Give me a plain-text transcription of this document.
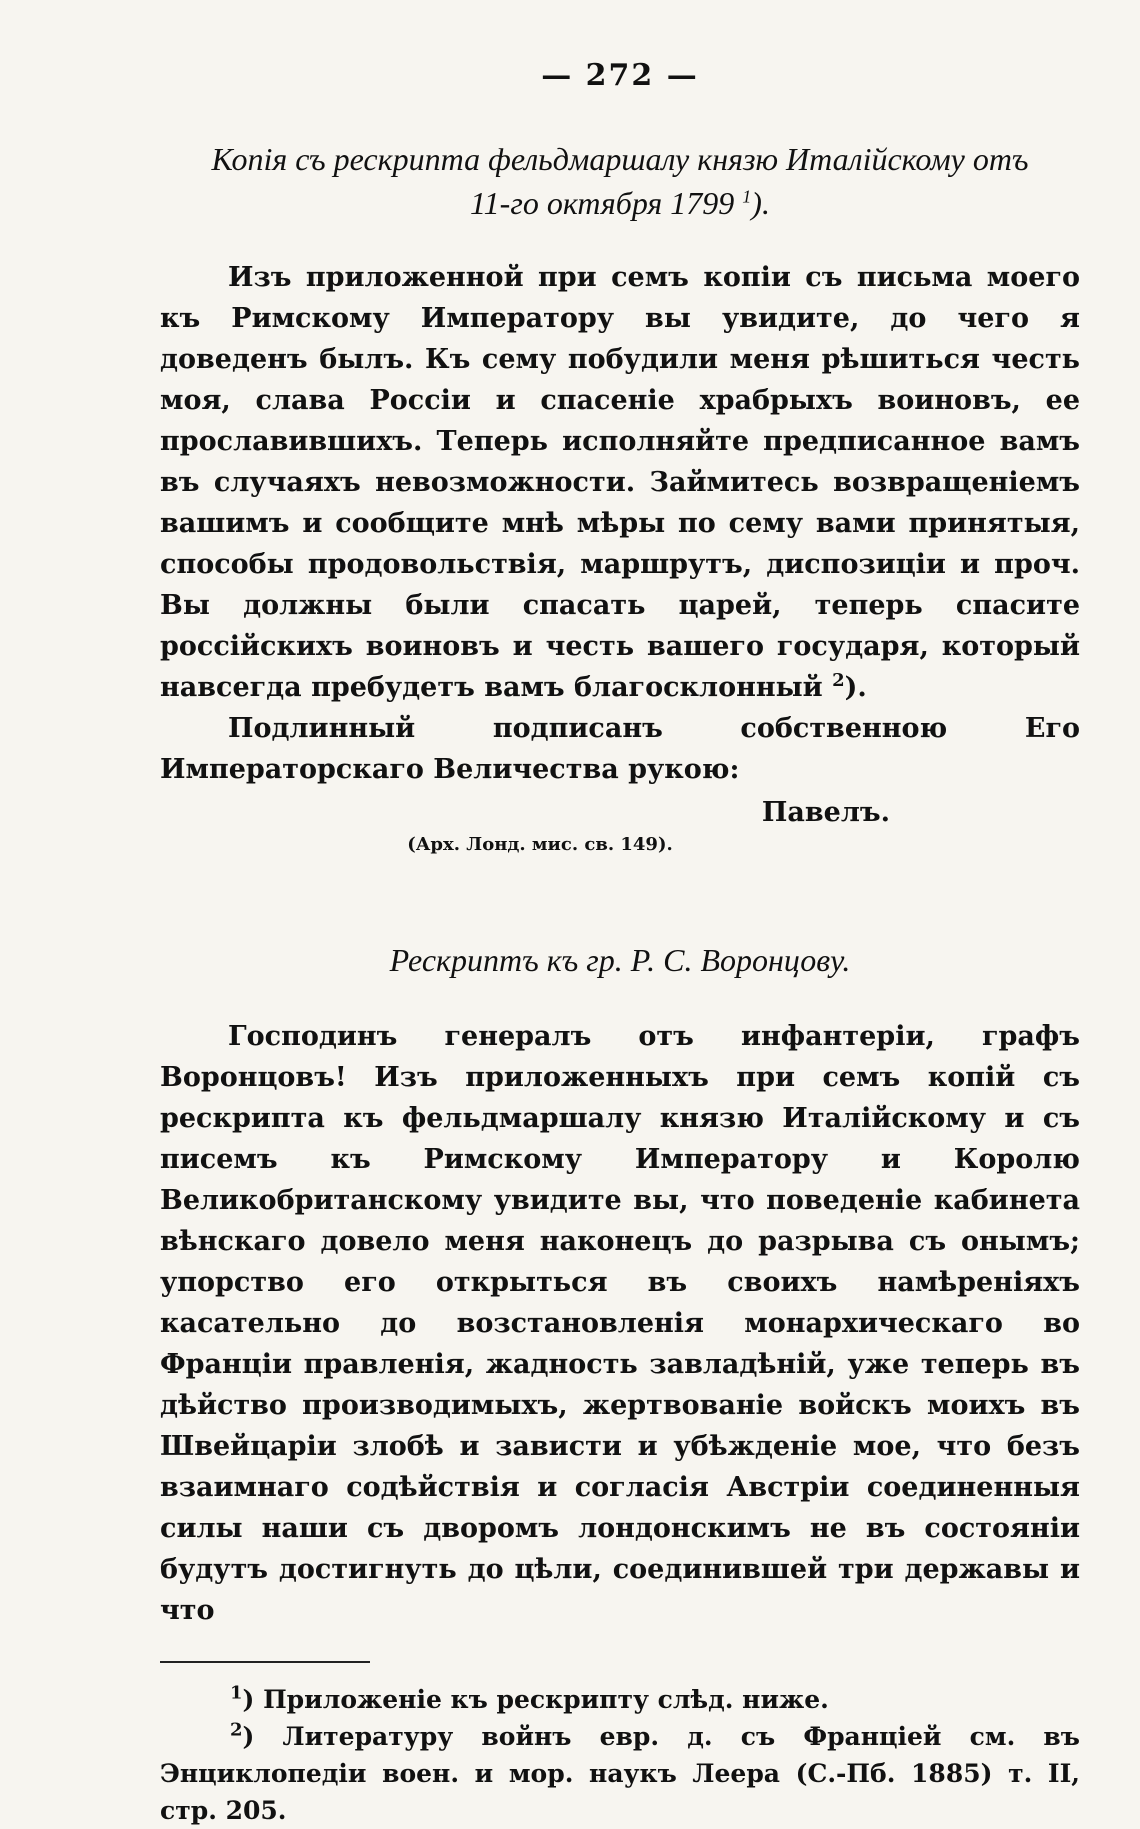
— 272 —
Копія съ рескрипта фельдмаршалу князю Италійскому отъ
11-го октября 1799 $^1$).

Изъ приложенной при семъ копіи съ письма моего къ Римскому Императору вы увидите, до чего я доведенъ былъ. Къ сему побудили меня рѣшиться честь моя, слава Россіи и спасеніе храбрыхъ воиновъ, ее прославившихъ. Теперь исполняйте предписанное вамъ въ случаяхъ невозможности. Займитесь возвращеніемъ вашимъ и сообщите мнѣ мѣры по сему вами принятыя, способы продовольствія, маршрутъ, диспозиціи и проч. Вы должны были спасать царей, теперь спасите россійскихъ воиновъ и честь вашего государя, который навсегда пребудетъ вамъ благосклонный $^2$).

Подлинный подписанъ собственною Его Императорскаго Величества рукою:

Павелъ.
(Арх. Лонд. мис. св. 149).
Рескриптъ къ гр. Р. С. Воронцову.

Господинъ генералъ отъ инфантеріи, графъ Воронцовъ! Изъ приложенныхъ при семъ копій съ рескрипта къ фельдмаршалу князю Италійскому и съ писемъ къ Римскому Императору и Королю Великобританскому увидите вы, что поведеніе кабинета вѣнскаго довело меня наконецъ до разрыва съ онымъ; упорство его открыться въ своихъ намѣреніяхъ касательно до возстановленія монархическаго во Франціи правленія, жадность завладѣній, уже теперь въ дѣйство производимыхъ, жертвованіе войскъ моихъ въ Швейцаріи злобѣ и зависти и убѣжденіе мое, что безъ взаимнаго содѣйствія и согласія Австріи соединенныя силы наши съ дворомъ лондонскимъ не въ состояніи будутъ достигнуть до цѣли, соединившей три державы и что

$^1$) Приложеніе къ рескрипту слѣд. ниже.

$^2$) Литературу войнъ евр. д. съ Франціей см. въ Энциклопедіи воен. и мор. наукъ Леера (С.-Пб. 1885) т. II, стр. 205.
